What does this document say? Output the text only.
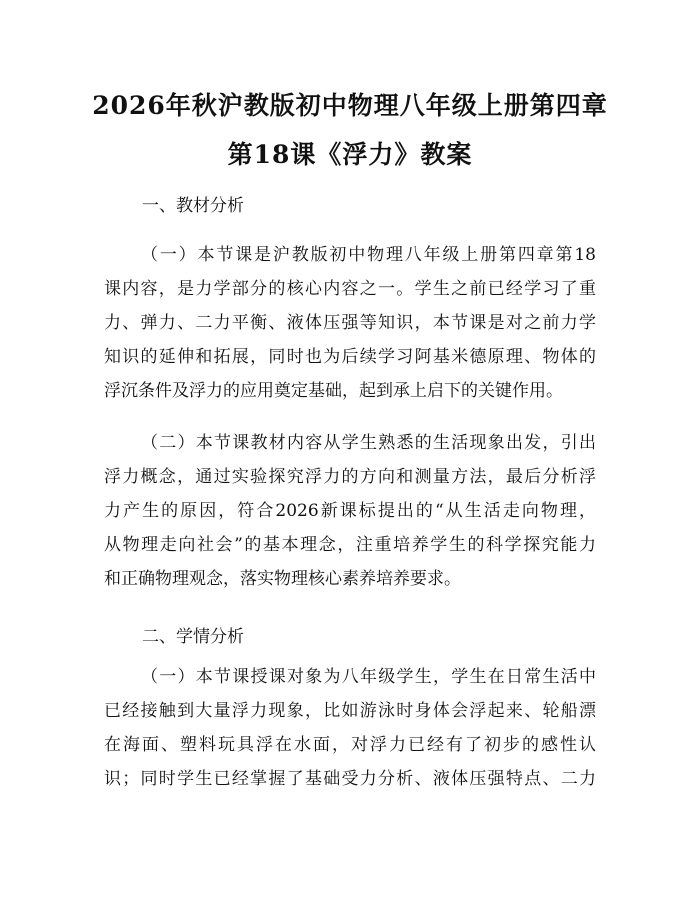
2026年秋沪教版初中物理八年级上册第四章
第18课《浮力》教案
一、教材分析
（一）本节课是沪教版初中物理八年级上册第四章第18
课内容，是力学部分的核心内容之一。学生之前已经学习了重
力、弹力、二力平衡、液体压强等知识，本节课是对之前力学
知识的延伸和拓展，同时也为后续学习阿基米德原理、物体的
浮沉条件及浮力的应用奠定基础，起到承上启下的关键作用。
（二）本节课教材内容从学生熟悉的生活现象出发，引出
浮力概念，通过实验探究浮力的方向和测量方法，最后分析浮
力产生的原因，符合2026新课标提出的“从生活走向物理，
从物理走向社会”的基本理念，注重培养学生的科学探究能力
和正确物理观念，落实物理核心素养培养要求。
二、学情分析
（一）本节课授课对象为八年级学生，学生在日常生活中
已经接触到大量浮力现象，比如游泳时身体会浮起来、轮船漂
在海面、塑料玩具浮在水面，对浮力已经有了初步的感性认
识；同时学生已经掌握了基础受力分析、液体压强特点、二力
